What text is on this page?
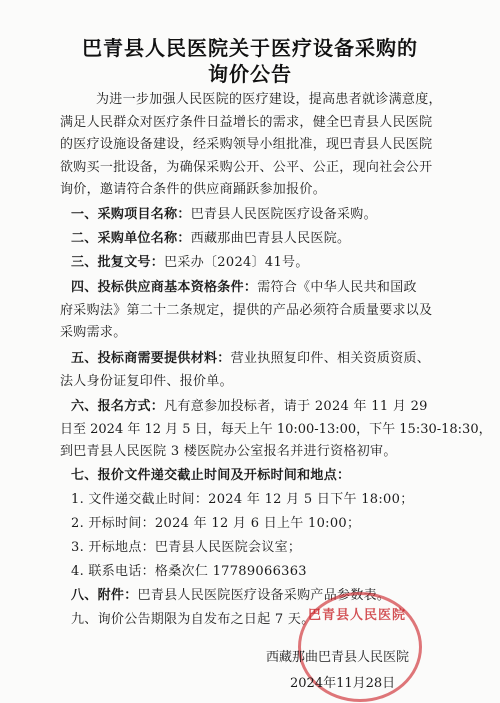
巴青县人民医院关于医疗设备采购的
询价公告
为进一步加强人民医院的医疗建设，提高患者就诊满意度，
满足人民群众对医疗条件日益增长的需求，健全巴青县人民医院
的医疗设施设备建设，经采购领导小组批准，现巴青县人民医院
欲购买一批设备，为确保采购公开、公平、公正，现向社会公开
询价，邀请符合条件的供应商踊跃参加报价。
一、采购项目名称：巴青县人民医院医疗设备采购。
二、采购单位名称：西藏那曲巴青县人民医院。
三、批复文号：巴采办〔2024〕41号。
四、投标供应商基本资格条件：需符合《中华人民共和国政
府采购法》第二十二条规定，提供的产品必须符合质量要求以及
采购需求。
五、投标商需要提供材料：营业执照复印件、相关资质资质、
法人身份证复印件、报价单。
六、报名方式：凡有意参加投标者，请于 2024 年 11 月 29
日至 2024 年 12 月 5 日，每天上午 10:00-13:00，下午 15:30-18:30，
到巴青县人民医院 3 楼医院办公室报名并进行资格初审。
七、报价文件递交截止时间及开标时间和地点：
1. 文件递交截止时间：2024 年 12 月 5 日下午 18:00；
2. 开标时间：2024 年 12 月 6 日上午 10:00；
3. 开标地点：巴青县人民医院会议室；
4. 联系电话：格桑次仁 17789066363
八、附件：巴青县人民医院医疗设备采购产品参数表。
九、询价公告期限为自发布之日起 7 天。
巴青县人民医院
西藏那曲巴青县人民医院
2024年11月28日
